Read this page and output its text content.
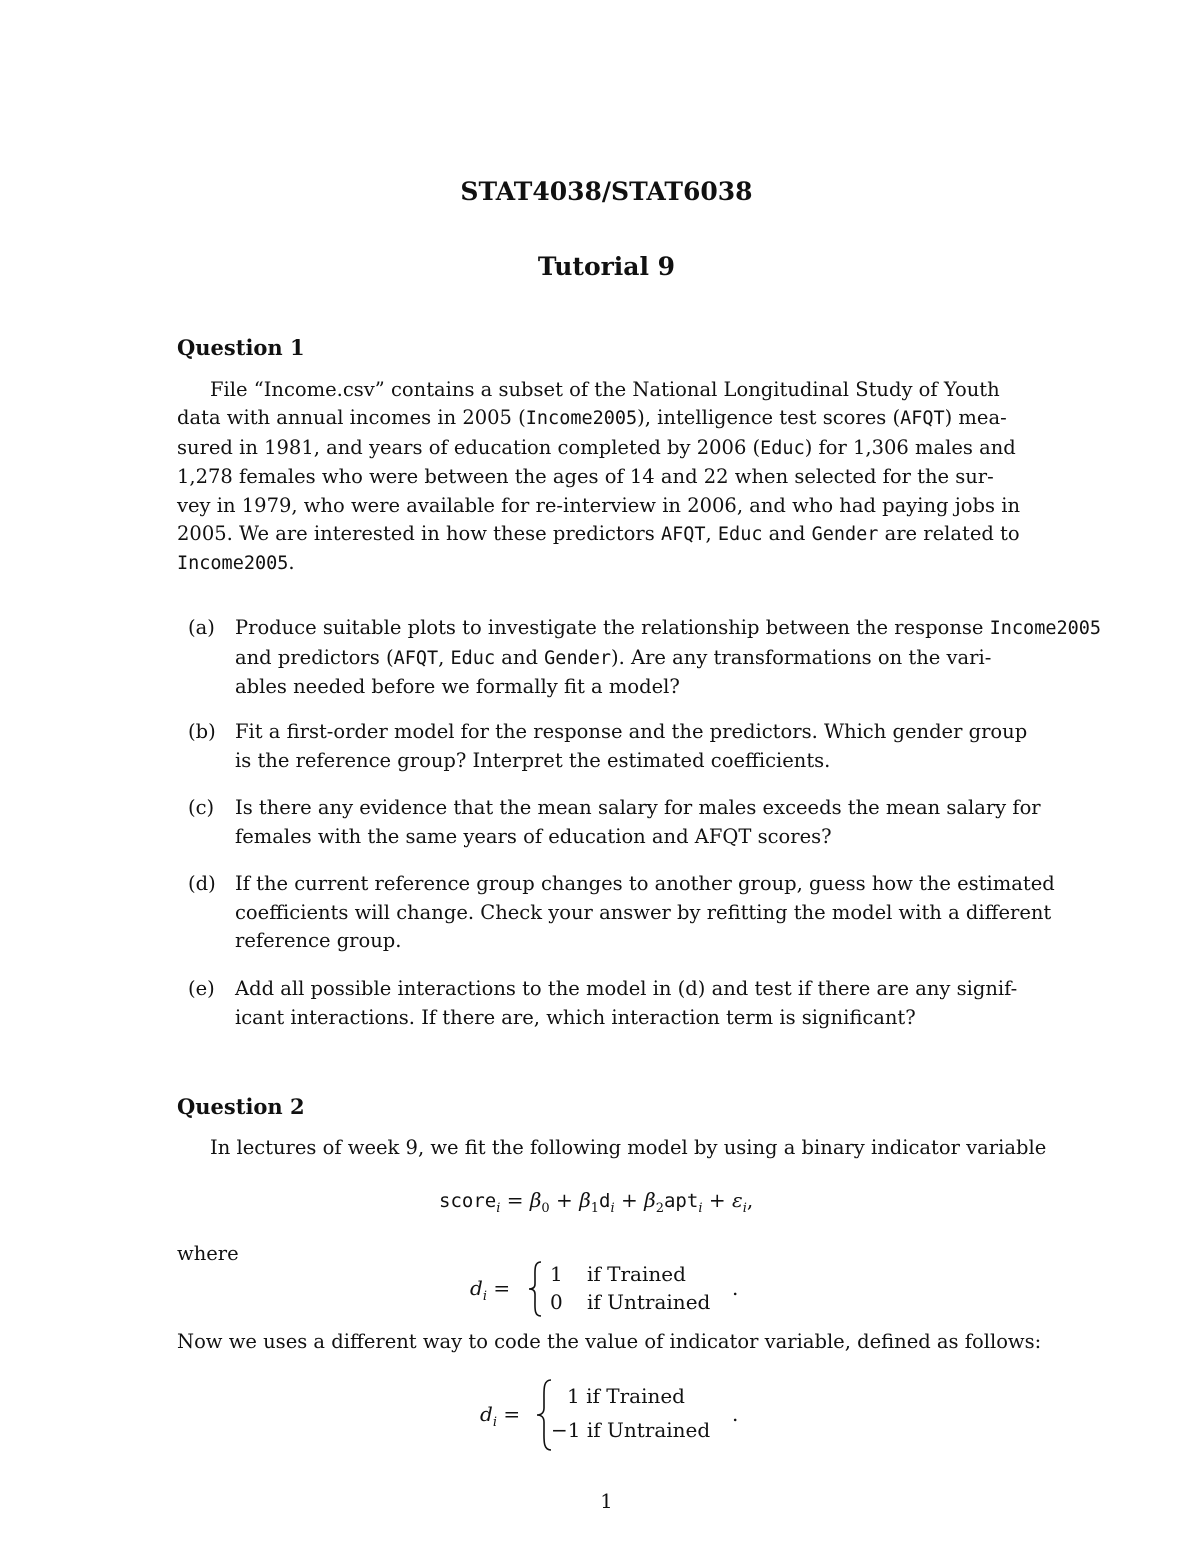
STAT4038/STAT6038
Tutorial 9
Question 1
File “Income.csv” contains a subset of the National Longitudinal Study of Youth
data with annual incomes in 2005 (Income2005), intelligence test scores (AFQT) mea-
sured in 1981, and years of education completed by 2006 (Educ) for 1,306 males and
1,278 females who were between the ages of 14 and 22 when selected for the sur-
vey in 1979, who were available for re-interview in 2006, and who had paying jobs in
2005. We are interested in how these predictors AFQT, Educ and Gender are related to
Income2005.
(a) Produce suitable plots to investigate the relationship between the response Income2005
and predictors (AFQT, Educ and Gender). Are any transformations on the vari-
ables needed before we formally fit a model?
(b) Fit a first-order model for the response and the predictors. Which gender group
is the reference group? Interpret the estimated coefficients.
(c) Is there any evidence that the mean salary for males exceeds the mean salary for
females with the same years of education and AFQT scores?
(d) If the current reference group changes to another group, guess how the estimated
coefficients will change. Check your answer by refitting the model with a different
reference group.
(e) Add all possible interactions to the model in (d) and test if there are any signif-
icant interactions. If there are, which interaction term is significant?
Question 2
In lectures of week 9, we fit the following model by using a binary indicator variable
score$_i$ = $\beta_0 + \beta_1d_i + \beta_2apt_i + \varepsilon_i$,
where
$d_i$ =
1 if Trained
0 if Untrained
.
Now we uses a different way to code the value of indicator variable, defined as follows:
$d_i$ =
1 if Trained
−1 if Untrained
.
1
